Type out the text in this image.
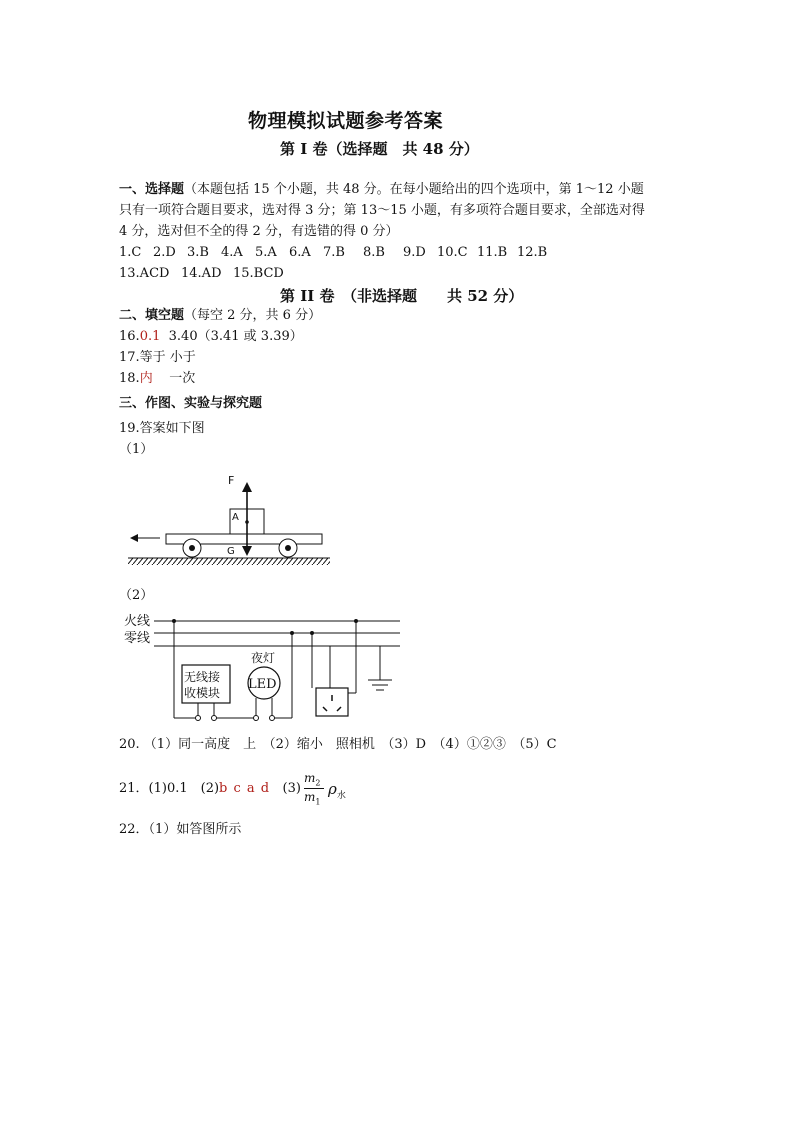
物理模拟试题参考答案
第 I 卷（选择题　共 48 分）
一、选择题（本题包括 15 个小题，共 48 分。在每小题给出的四个选项中，第 1～12 小题
只有一项符合题目要求，选对得 3 分；第 13～15 小题，有多项符合题目要求，全部选对得
4 分，选对但不全的得 2 分，有选错的得 0 分）
1.C 2.D 3.B 4.A 5.A 6.A 7.B 8.B 9.D 10.C 11.B 12.B
13.ACD 14.AD 15.BCD
第 II 卷　（非选择题　　共 52 分）
二、填空题（每空 2 分，共 6 分）
16.0.1 3.40（3.41 或 3.39）
17.等于 小于
18.内 一次
三、作图、实验与探究题
19.答案如下图
（1）
F
A
G
（2）
火线
零线
无线接
收模块
夜灯
LED
20. （1）同一高度　上　（2）缩小　照相机　（3）D　（4）①②③　（5）C
21．(1)0.1　(2)b c a d (3)
$m_2$
$m_1$
$\rho_水$
22．（1）如答图所示
